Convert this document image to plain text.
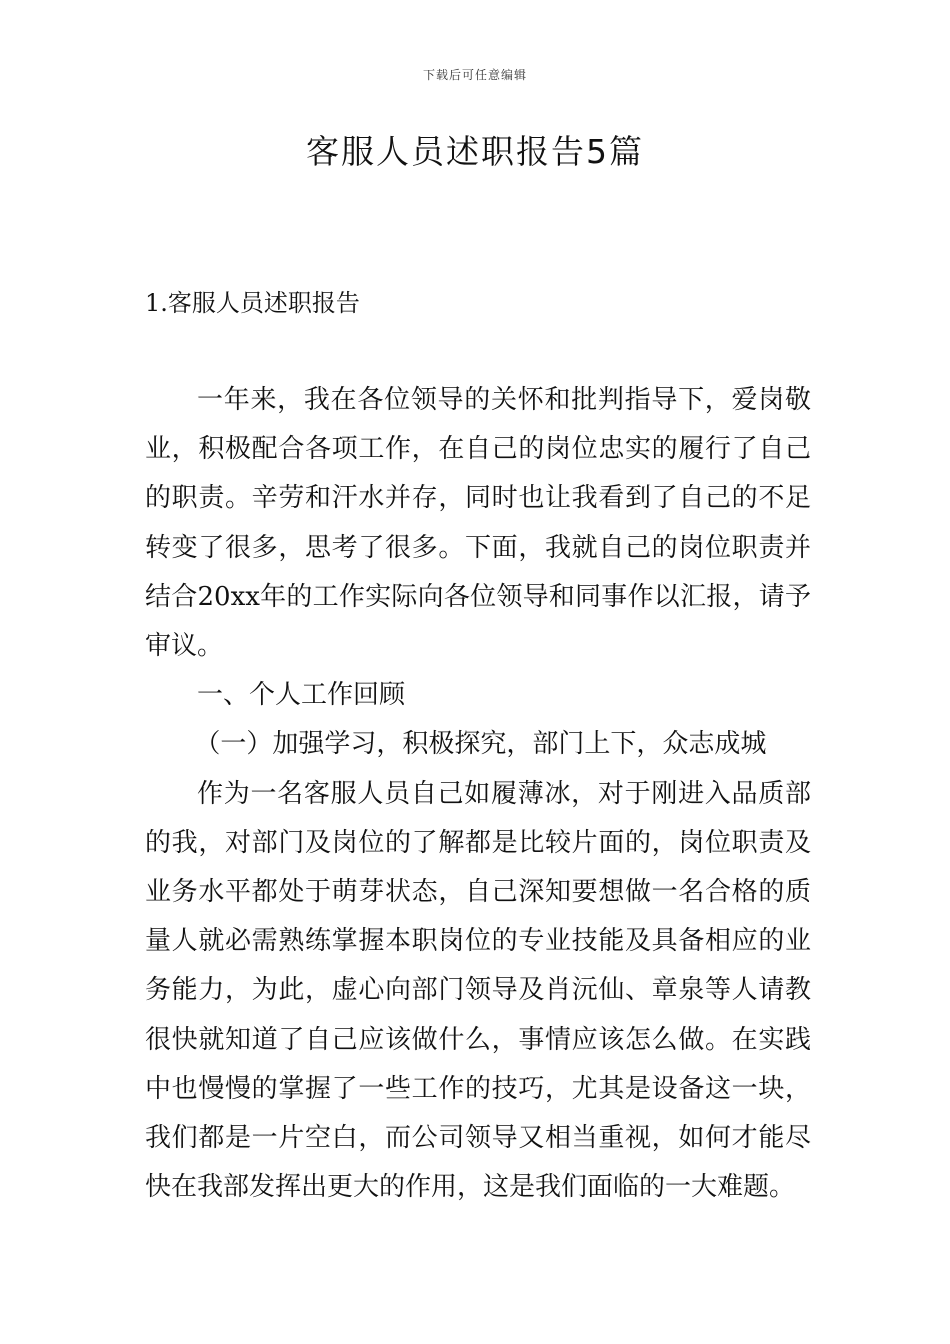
下载后可任意编辑
客服人员述职报告5篇
1.客服人员述职报告

一年来，我在各位领导的关怀和批判指导下，爱岗敬业，积极配合各项工作，在自己的岗位忠实的履行了自己的职责。辛劳和汗水并存，同时也让我看到了自己的不足转变了很多，思考了很多。下面，我就自己的岗位职责并结合20xx年的工作实际向各位领导和同事作以汇报，请予审议。

一、个人工作回顾

（一）加强学习，积极探究，部门上下，众志成城

作为一名客服人员自己如履薄冰，对于刚进入品质部的我，对部门及岗位的了解都是比较片面的，岗位职责及业务水平都处于萌芽状态，自己深知要想做一名合格的质量人就必需熟练掌握本职岗位的专业技能及具备相应的业务能力，为此，虚心向部门领导及肖沅仙、章泉等人请教很快就知道了自己应该做什么，事情应该怎么做。在实践中也慢慢的掌握了一些工作的技巧，尤其是设备这一块，我们都是一片空白，而公司领导又相当重视，如何才能尽快在我部发挥出更大的作用，这是我们面临的一大难题。
